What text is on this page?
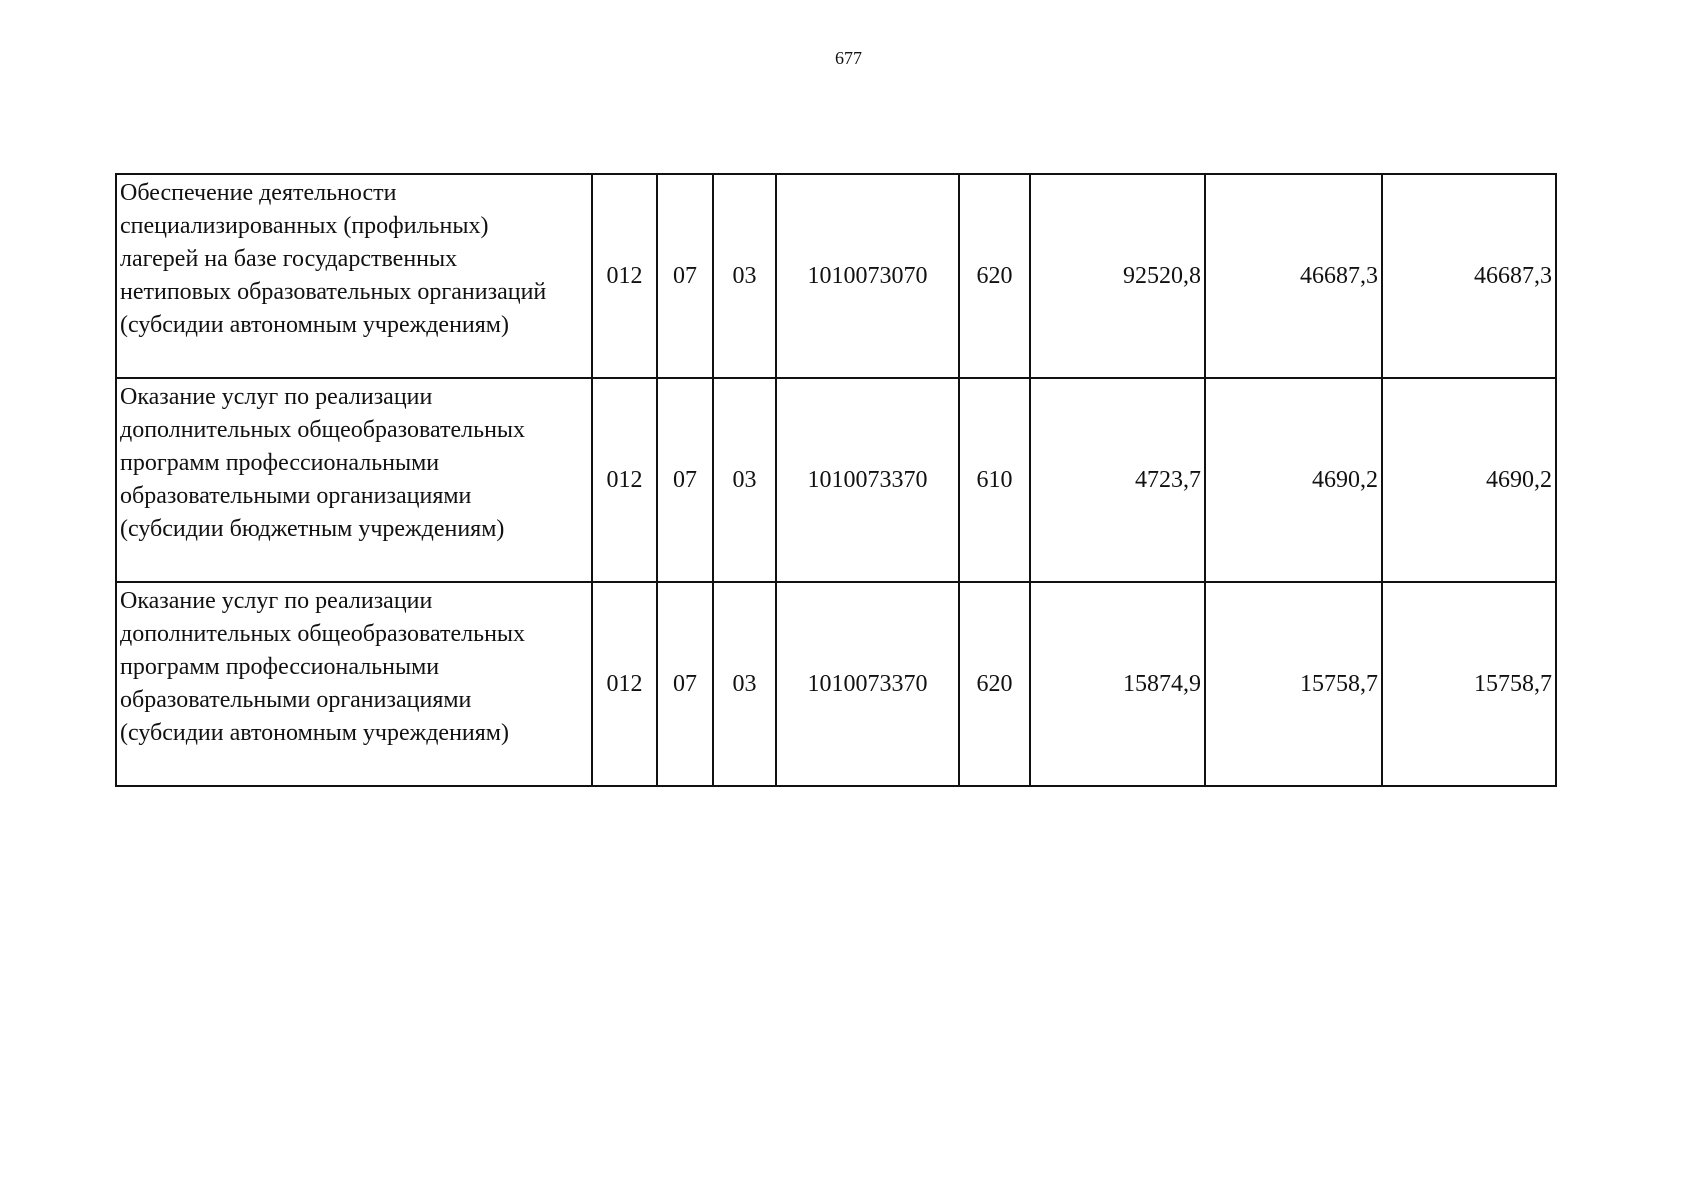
677
Обеспечение деятельности
специализированных (профильных)
лагерей на базе государственных
нетиповых образовательных организаций
(субсидии автономным учреждениям)	012	07	03	1010073070	620	92520,8	46687,3	46687,3

Оказание услуг по реализации
дополнительных общеобразовательных
программ профессиональными
образовательными организациями
(субсидии бюджетным учреждениям)	012	07	03	1010073370	610	4723,7	4690,2	4690,2

Оказание услуг по реализации
дополнительных общеобразовательных
программ профессиональными
образовательными организациями
(субсидии автономным учреждениям)	012	07	03	1010073370	620	15874,9	15758,7	15758,7
